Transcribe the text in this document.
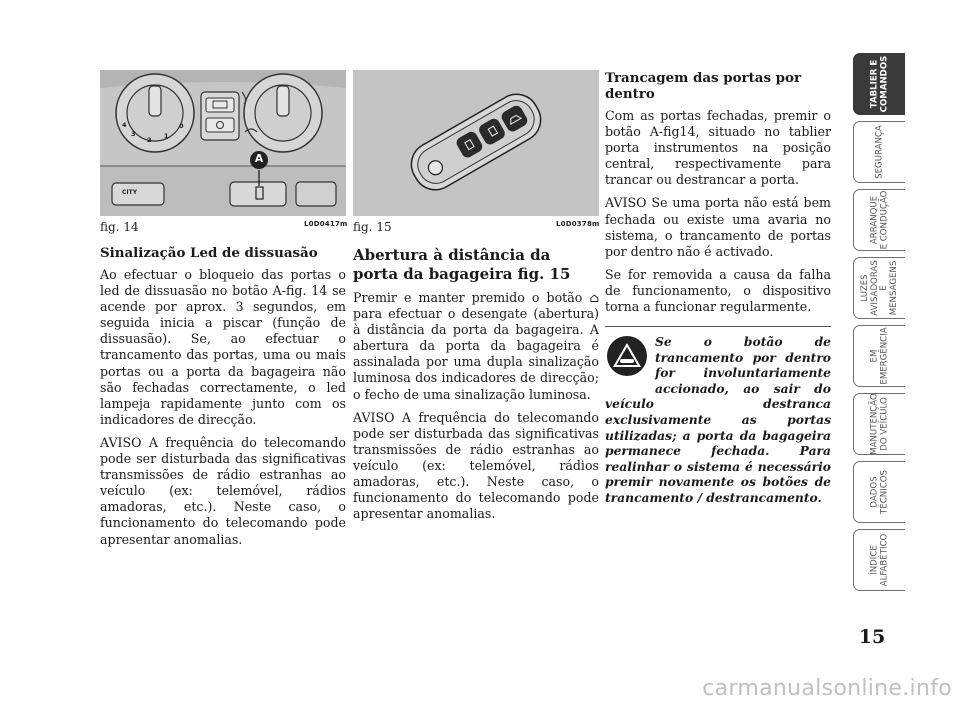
A
CITY
4
3
2 1
0
fig. 14	L0D0417m fig. 15	L0D0378m
Sinalização Led de dissuasão

Ao efectuar o bloqueio das portas o led de dissuasão no botão A-fig. 14 se acende por aprox. 3 segundos, em seguida inicia a piscar (função de dissuasão). Se, ao efectuar o trancamento das portas, uma ou mais portas ou a porta da bagageira não são fechadas correctamente, o led lampeja rapidamente junto com os indicadores de direcção.

AVISO A frequência do telecomando pode ser disturbada das significativas transmissões de rádio estranhas ao veículo (ex: telemóvel, rádios amadoras, etc.). Neste caso, o funcionamento do telecomando pode apresentar anomalias.

Abertura à distância da porta da bagageira fig. 15

Premir e manter premido o botão ⌂ para efectuar o desengate (abertura) à distância da porta da bagageira. A abertura da porta da bagageira é assinalada por uma dupla sinalização luminosa dos indicadores de direcção; o fecho de uma sinalização luminosa.

AVISO A frequência do telecomando pode ser disturbada das significativas transmissões de rádio estranhas ao veículo (ex: telemóvel, rádios amadoras, etc.). Neste caso, o funcionamento do telecomando pode apresentar anomalias.

Trancagem das portas por dentro

Com as portas fechadas, premir o botão A-fig14, situado no tablier porta instrumentos na posição central, respectivamente para trancar ou destrancar a porta.

AVISO Se uma porta não está bem fechada ou existe uma avaria no sistema, o trancamento de portas por dentro não é activado.

Se for removida a causa da falha de funcionamento, o dispositivo torna a funcionar regularmente.

Se o botão de trancamento por dentro for involuntariamente accionado, ao sair do veículo destranca exclusivamente as portas utilizadas; a porta da bagageira permanece fechada. Para realinhar o sistema é necessário premir novamente os botões de trancamento / destrancamento.
TABLIER E
COMANDOS
SEGURANÇA
ARRANQUE
E CONDUÇÃO
LUZES
AVISADORAS
E MENSAGENS
EM
EMERGÊNCIA
MANUTENÇÃO
DO VEÍCULO
DADOS
TÉCNICOS
ÍNDICE
ALFABÉTICO
15
carmanualsonline.info
